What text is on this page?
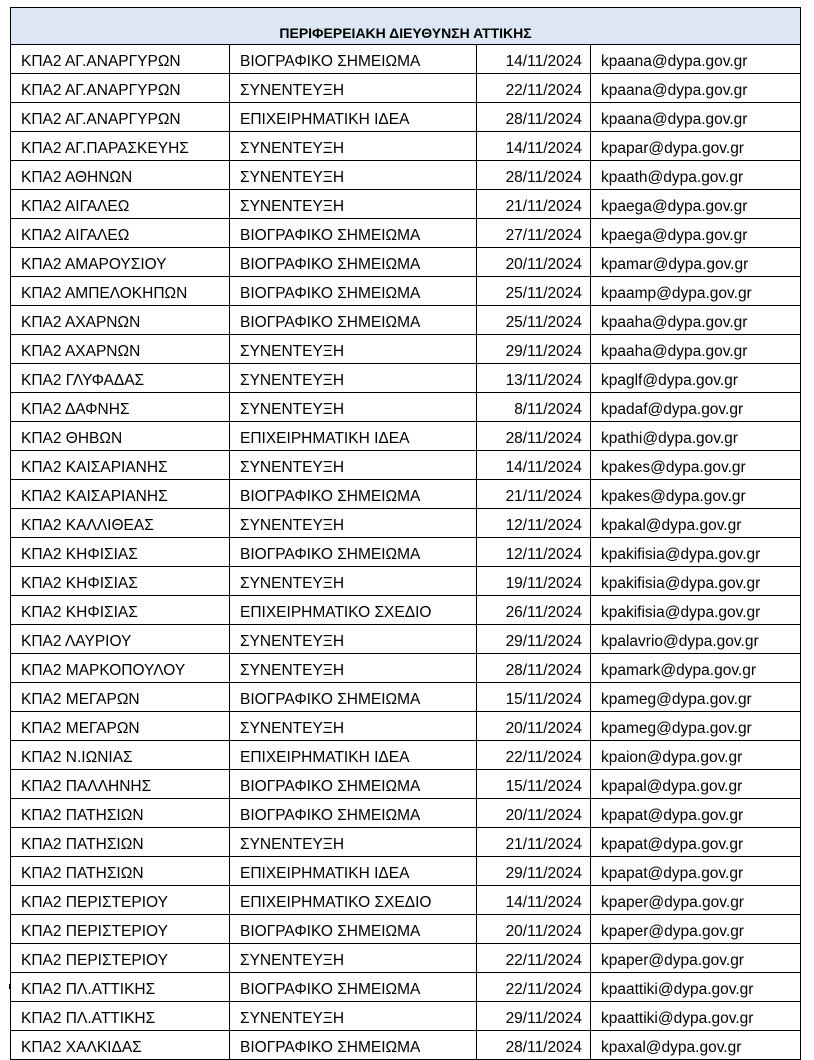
ΠΕΡΙΦΕΡΕΙΑΚΗ ΔΙΕΥΘΥΝΣΗ ΑΤΤΙΚΗΣ			
ΚΠΑ2 ΑΓ.ΑΝΑΡΓΥΡΩΝ	ΒΙΟΓΡΑΦΙΚΟ ΣΗΜΕΙΩΜΑ	14/11/2024	kpaana@dypa.gov.gr
ΚΠΑ2 ΑΓ.ΑΝΑΡΓΥΡΩΝ	ΣΥΝΕΝΤΕΥΞΗ	22/11/2024	kpaana@dypa.gov.gr
ΚΠΑ2 ΑΓ.ΑΝΑΡΓΥΡΩΝ	ΕΠΙΧΕΙΡΗΜΑΤΙΚΗ ΙΔΕΑ	28/11/2024	kpaana@dypa.gov.gr
ΚΠΑ2 ΑΓ.ΠΑΡΑΣΚΕΥΗΣ	ΣΥΝΕΝΤΕΥΞΗ	14/11/2024	kpapar@dypa.gov.gr
ΚΠΑ2 ΑΘΗΝΩΝ	ΣΥΝΕΝΤΕΥΞΗ	28/11/2024	kpaath@dypa.gov.gr
ΚΠΑ2 ΑΙΓΑΛΕΩ	ΣΥΝΕΝΤΕΥΞΗ	21/11/2024	kpaega@dypa.gov.gr
ΚΠΑ2 ΑΙΓΑΛΕΩ	ΒΙΟΓΡΑΦΙΚΟ ΣΗΜΕΙΩΜΑ	27/11/2024	kpaega@dypa.gov.gr
ΚΠΑ2 ΑΜΑΡΟΥΣΙΟΥ	ΒΙΟΓΡΑΦΙΚΟ ΣΗΜΕΙΩΜΑ	20/11/2024	kpamar@dypa.gov.gr
ΚΠΑ2 ΑΜΠΕΛΟΚΗΠΩΝ	ΒΙΟΓΡΑΦΙΚΟ ΣΗΜΕΙΩΜΑ	25/11/2024	kpaamp@dypa.gov.gr
ΚΠΑ2 ΑΧΑΡΝΩΝ	ΒΙΟΓΡΑΦΙΚΟ ΣΗΜΕΙΩΜΑ	25/11/2024	kpaaha@dypa.gov.gr
ΚΠΑ2 ΑΧΑΡΝΩΝ	ΣΥΝΕΝΤΕΥΞΗ	29/11/2024	kpaaha@dypa.gov.gr
ΚΠΑ2 ΓΛΥΦΑΔΑΣ	ΣΥΝΕΝΤΕΥΞΗ	13/11/2024	kpaglf@dypa.gov.gr
ΚΠΑ2 ΔΑΦΝΗΣ	ΣΥΝΕΝΤΕΥΞΗ	8/11/2024	kpadaf@dypa.gov.gr
ΚΠΑ2 ΘΗΒΩΝ	ΕΠΙΧΕΙΡΗΜΑΤΙΚΗ ΙΔΕΑ	28/11/2024	kpathi@dypa.gov.gr
ΚΠΑ2 ΚΑΙΣΑΡΙΑΝΗΣ	ΣΥΝΕΝΤΕΥΞΗ	14/11/2024	kpakes@dypa.gov.gr
ΚΠΑ2 ΚΑΙΣΑΡΙΑΝΗΣ	ΒΙΟΓΡΑΦΙΚΟ ΣΗΜΕΙΩΜΑ	21/11/2024	kpakes@dypa.gov.gr
ΚΠΑ2 ΚΑΛΛΙΘΕΑΣ	ΣΥΝΕΝΤΕΥΞΗ	12/11/2024	kpakal@dypa.gov.gr
ΚΠΑ2 ΚΗΦΙΣΙΑΣ	ΒΙΟΓΡΑΦΙΚΟ ΣΗΜΕΙΩΜΑ	12/11/2024	kpakifisia@dypa.gov.gr
ΚΠΑ2 ΚΗΦΙΣΙΑΣ	ΣΥΝΕΝΤΕΥΞΗ	19/11/2024	kpakifisia@dypa.gov.gr
ΚΠΑ2 ΚΗΦΙΣΙΑΣ	ΕΠΙΧΕΙΡΗΜΑΤΙΚΟ ΣΧΕΔΙΟ	26/11/2024	kpakifisia@dypa.gov.gr
ΚΠΑ2 ΛΑΥΡΙΟΥ	ΣΥΝΕΝΤΕΥΞΗ	29/11/2024	kpalavrio@dypa.gov.gr
ΚΠΑ2 ΜΑΡΚΟΠΟΥΛΟΥ	ΣΥΝΕΝΤΕΥΞΗ	28/11/2024	kpamark@dypa.gov.gr
ΚΠΑ2 ΜΕΓΑΡΩΝ	ΒΙΟΓΡΑΦΙΚΟ ΣΗΜΕΙΩΜΑ	15/11/2024	kpameg@dypa.gov.gr
ΚΠΑ2 ΜΕΓΑΡΩΝ	ΣΥΝΕΝΤΕΥΞΗ	20/11/2024	kpameg@dypa.gov.gr
ΚΠΑ2 Ν.ΙΩΝΙΑΣ	ΕΠΙΧΕΙΡΗΜΑΤΙΚΗ ΙΔΕΑ	22/11/2024	kpaion@dypa.gov.gr
ΚΠΑ2 ΠΑΛΛΗΝΗΣ	ΒΙΟΓΡΑΦΙΚΟ ΣΗΜΕΙΩΜΑ	15/11/2024	kpapal@dypa.gov.gr
ΚΠΑ2 ΠΑΤΗΣΙΩΝ	ΒΙΟΓΡΑΦΙΚΟ ΣΗΜΕΙΩΜΑ	20/11/2024	kpapat@dypa.gov.gr
ΚΠΑ2 ΠΑΤΗΣΙΩΝ	ΣΥΝΕΝΤΕΥΞΗ	21/11/2024	kpapat@dypa.gov.gr
ΚΠΑ2 ΠΑΤΗΣΙΩΝ	ΕΠΙΧΕΙΡΗΜΑΤΙΚΗ ΙΔΕΑ	29/11/2024	kpapat@dypa.gov.gr
ΚΠΑ2 ΠΕΡΙΣΤΕΡΙΟΥ	ΕΠΙΧΕΙΡΗΜΑΤΙΚΟ ΣΧΕΔΙΟ	14/11/2024	kpaper@dypa.gov.gr
ΚΠΑ2 ΠΕΡΙΣΤΕΡΙΟΥ	ΒΙΟΓΡΑΦΙΚΟ ΣΗΜΕΙΩΜΑ	20/11/2024	kpaper@dypa.gov.gr
ΚΠΑ2 ΠΕΡΙΣΤΕΡΙΟΥ	ΣΥΝΕΝΤΕΥΞΗ	22/11/2024	kpaper@dypa.gov.gr
ΚΠΑ2 ΠΛ.ΑΤΤΙΚΗΣ	ΒΙΟΓΡΑΦΙΚΟ ΣΗΜΕΙΩΜΑ	22/11/2024	kpaattiki@dypa.gov.gr
ΚΠΑ2 ΠΛ.ΑΤΤΙΚΗΣ	ΣΥΝΕΝΤΕΥΞΗ	29/11/2024	kpaattiki@dypa.gov.gr
ΚΠΑ2 ΧΑΛΚΙΔΑΣ	ΒΙΟΓΡΑΦΙΚΟ ΣΗΜΕΙΩΜΑ	28/11/2024	kpaxal@dypa.gov.gr
